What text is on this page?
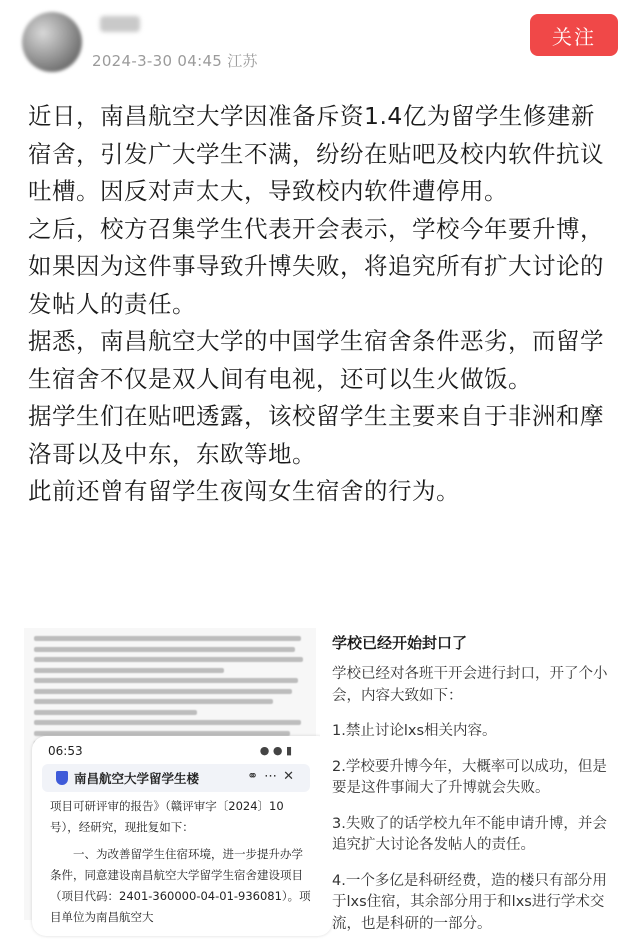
2024-3-30 04:45 江苏
关注

近日，南昌航空大学因准备斥资1.4亿为留学生修建新宿舍，引发广大学生不满，纷纷在贴吧及校内软件抗议吐槽。因反对声太大，导致校内软件遭停用。

之后，校方召集学生代表开会表示，学校今年要升博，如果因为这件事导致升博失败，将追究所有扩大讨论的发帖人的责任。

据悉，南昌航空大学的中国学生宿舍条件恶劣，而留学生宿舍不仅是双人间有电视，还可以生火做饭。

据学生们在贴吧透露，该校留学生主要来自于非洲和摩洛哥以及中东，东欧等地。

此前还曾有留学生夜闯女生宿舍的行为。

06:53	● ● ▮
南昌航空大学留学生楼	⚭⋯✕

项目可研评审的报告》（赣评审字〔2024〕10号），经研究，现批复如下：

一、为改善留学生住宿环境，进一步提升办学条件，同意建设南昌航空大学留学生宿舍建设项目（项目代码：2401-360000-04-01-936081）。项目单位为南昌航空大

学校已经开始封口了

学校已经对各班干开会进行封口，开了个小会，内容大致如下：

1.禁止讨论lxs相关内容。

2.学校要升博今年，大概率可以成功，但是要是这件事闹大了升博就会失败。

3.失败了的话学校九年不能申请升博，并会追究扩大讨论各发帖人的责任。

4.一个多亿是科研经费，造的楼只有部分用于lxs住宿，其余部分用于和lxs进行学术交流，也是科研的一部分。
